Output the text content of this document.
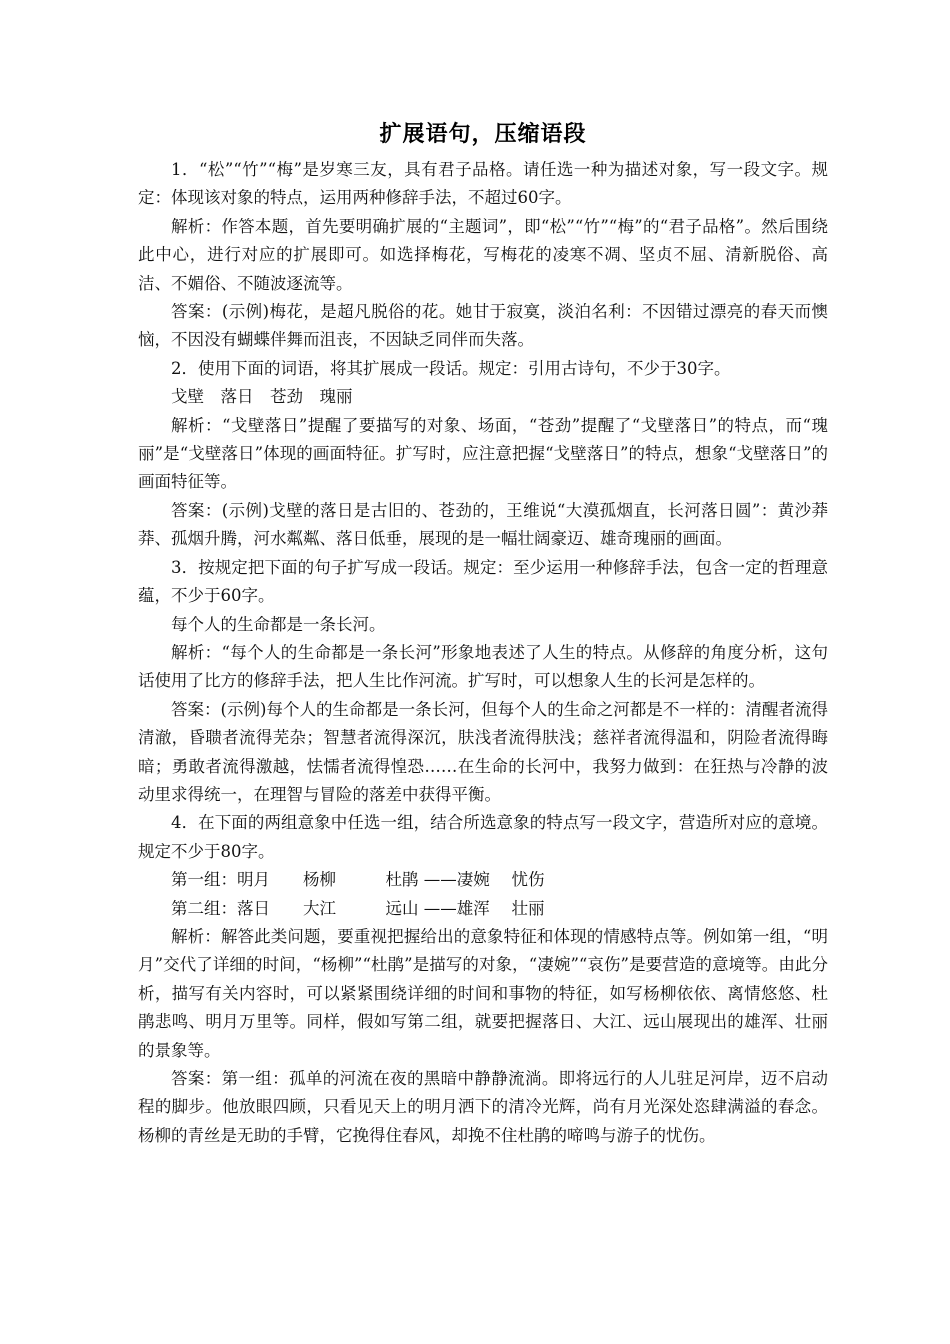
扩展语句，压缩语段

1．“松”“竹”“梅”是岁寒三友，具有君子品格。请任选一种为描述对象，写一段文字。规定：体现该对象的特点，运用两种修辞手法，不超过60字。

解析：作答本题，首先要明确扩展的“主题词”，即“松”“竹”“梅”的“君子品格”。然后围绕此中心，进行对应的扩展即可。如选择梅花，写梅花的凌寒不凋、坚贞不屈、清新脱俗、高洁、不媚俗、不随波逐流等。

答案：(示例)梅花，是超凡脱俗的花。她甘于寂寞，淡泊名利：不因错过漂亮的春天而懊恼，不因没有蝴蝶伴舞而沮丧，不因缺乏同伴而失落。

2．使用下面的词语，将其扩展成一段话。规定：引用古诗句，不少于30字。

戈壁　落日　苍劲　瑰丽

解析：“戈壁落日”提醒了要描写的对象、场面，“苍劲”提醒了“戈壁落日”的特点，而“瑰丽”是“戈壁落日”体现的画面特征。扩写时，应注意把握“戈壁落日”的特点，想象“戈壁落日”的画面特征等。

答案：(示例)戈壁的落日是古旧的、苍劲的，王维说“大漠孤烟直，长河落日圆”：黄沙莽莽、孤烟升腾，河水粼粼、落日低垂，展现的是一幅壮阔豪迈、雄奇瑰丽的画面。

3．按规定把下面的句子扩写成一段话。规定：至少运用一种修辞手法，包含一定的哲理意蕴，不少于60字。

每个人的生命都是一条长河。

解析：“每个人的生命都是一条长河”形象地表述了人生的特点。从修辞的角度分析，这句话使用了比方的修辞手法，把人生比作河流。扩写时，可以想象人生的长河是怎样的。

答案：(示例)每个人的生命都是一条长河，但每个人的生命之河都是不一样的：清醒者流得清澈，昏聩者流得芜杂；智慧者流得深沉，肤浅者流得肤浅；慈祥者流得温和，阴险者流得晦暗；勇敢者流得激越，怯懦者流得惶恐……在生命的长河中，我努力做到：在狂热与冷静的波动里求得统一，在理智与冒险的落差中获得平衡。

4．在下面的两组意象中任选一组，结合所选意象的特点写一段文字，营造所对应的意境。规定不少于80字。

第一组：明月　　杨柳　　　杜鹃 ——凄婉　 忧伤

第二组：落日　　大江　　　远山 ——雄浑　 壮丽

解析：解答此类问题，要重视把握给出的意象特征和体现的情感特点等。例如第一组，“明月”交代了详细的时间，“杨柳”“杜鹃”是描写的对象，“凄婉”“哀伤”是要营造的意境等。由此分析，描写有关内容时，可以紧紧围绕详细的时间和事物的特征，如写杨柳依依、离情悠悠、杜鹃悲鸣、明月万里等。同样，假如写第二组，就要把握落日、大江、远山展现出的雄浑、壮丽的景象等。

答案：第一组：孤单的河流在夜的黑暗中静静流淌。即将远行的人儿驻足河岸，迈不启动程的脚步。他放眼四顾，只看见天上的明月洒下的清冷光辉，尚有月光深处恣肆满溢的春念。杨柳的青丝是无助的手臂，它挽得住春风，却挽不住杜鹃的啼鸣与游子的忧伤。
